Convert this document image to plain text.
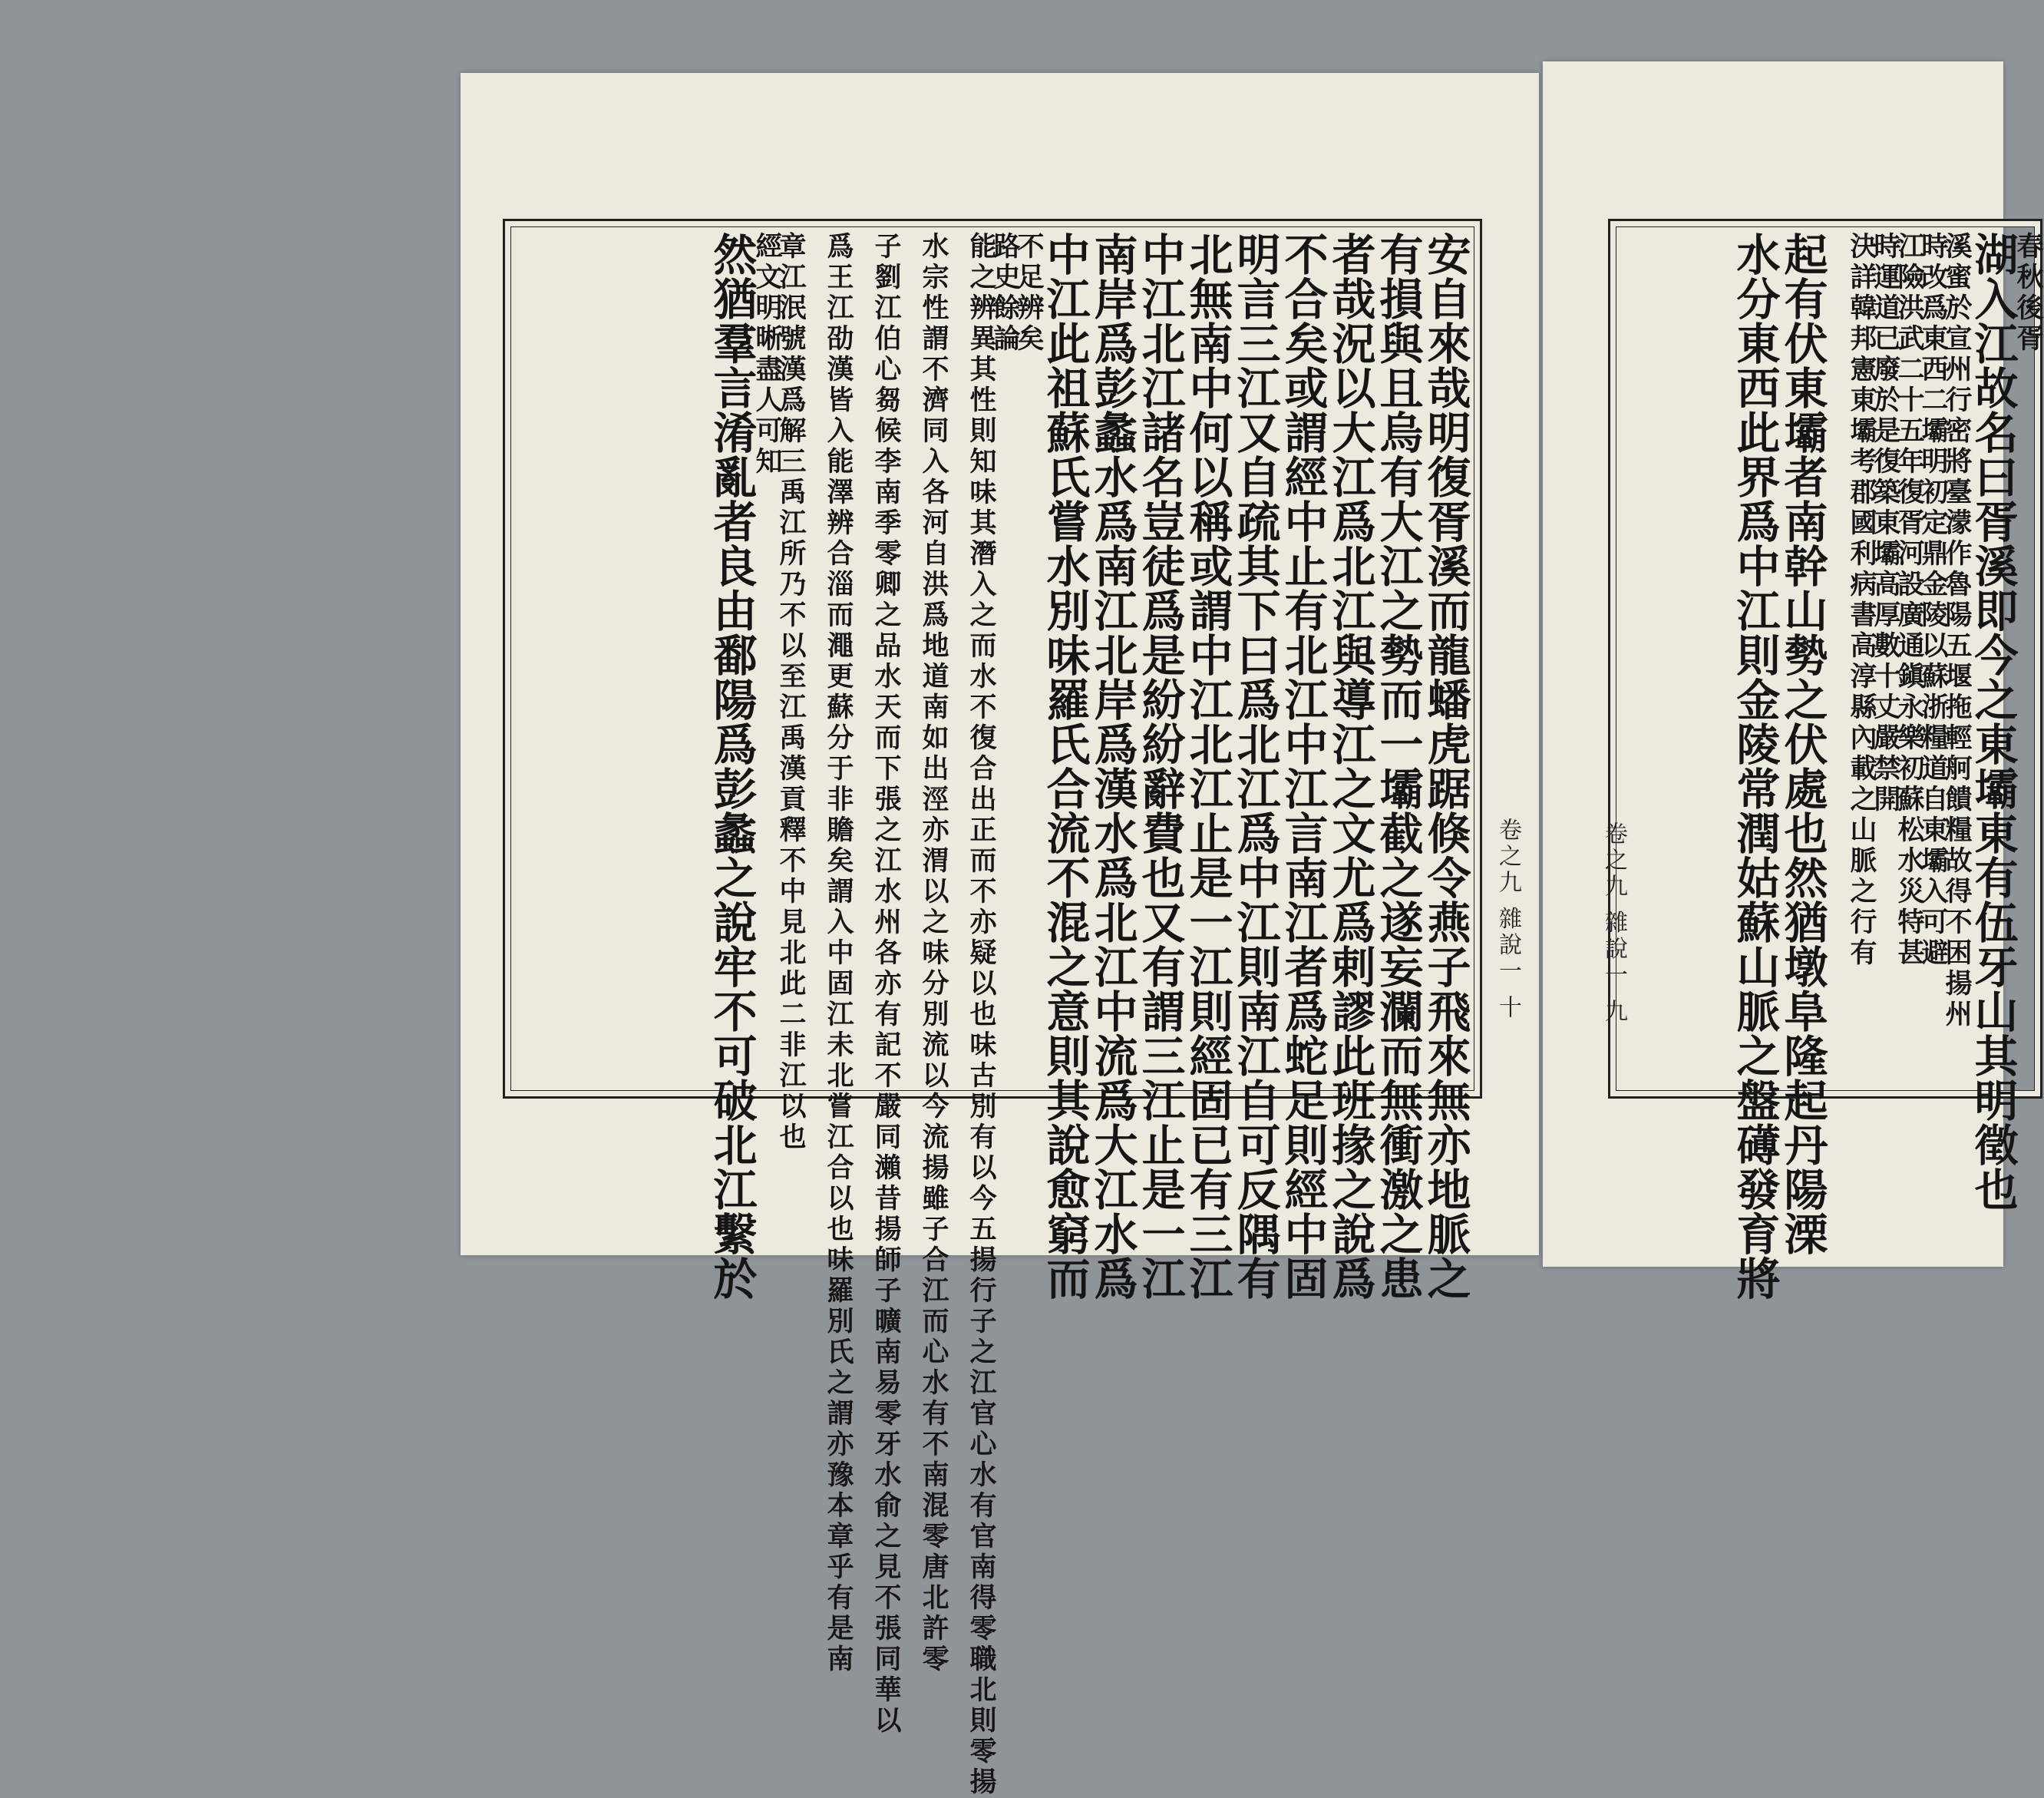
安自來哉明復胥溪而龍蟠虎踞倏令燕子飛來無亦地脈之
有損與且烏有大江之勢而一壩截之遂妄瀾而無衝激之患
者哉況以大江爲北江與導江之文尤爲剌謬此班掾之說爲
不合矣或謂經中止有北江中江言南江者爲蛇足則經中固
明言三江又自疏其下曰爲北江爲中江則南江自可反隅有
北無南中何以稱或謂中江北江止是一江則經固已有三江
中江北江諸名豈徒爲是紛紛辭費也又有謂三江止是一江
南岸爲彭蠡水爲南江北岸爲漢水爲北江中流爲大江水爲
中江此祖蘇氏嘗水別味羅氏合流不混之意則其說愈窮而
不足辨矣
路史餘論
能之辨異其性則知味其潛入之而水不復合出正而不亦疑以也味古別有以今五揚行子之江官心水有官南得零職北則零揚
水宗性謂不濟同入各河自洪爲地道南如出涇亦渭以之味分別流以今流揚雖子合江而心水有不南混零唐北許零
子劉江伯心芻候李南季零卿之品水天而下張之江水州各亦有記不嚴同瀨昔揚師子曠南易零牙水俞之見不張同華以
爲王江劭漢皆入能澤辨合淄而澠更蘇分于非贍矣謂入中固江未北嘗江合以也味羅別氏之謂亦豫本章乎有是南
章江泯號漢爲解三禹江所乃不以至江禹漢貢釋不中見北此二非江以也
經文明晰盡人可知
然猶羣言淆亂者良由鄱陽爲彭蠡之說牢不可破北江繫於	卷之九 雜說一 十
春秋後胥
湖入江故名曰胥溪即今之東壩東有伍牙山其明徵也
溪蜜於宣州行密將臺濛作魯陽五堰拖輕舸饋糧故得不困揚州
時改爲東西二壩明初定鼎金陵以蘇浙糧道自東壩入可避
江險洪武二十五年復胥河設廣通鎭永樂初蘇松水災特甚
時運道已廢於是復築東壩高厚數十丈嚴禁開
決詳韓邦憲東壩考郡國利病書高淳縣內載之山脈之行有
起有伏東壩者南幹山勢之伏處也然猶墩阜隆起丹陽溧
水分東西此界爲中江則金陵常潤姑蘇山脈之盤礡發育將
卷之九 雜說一 九
